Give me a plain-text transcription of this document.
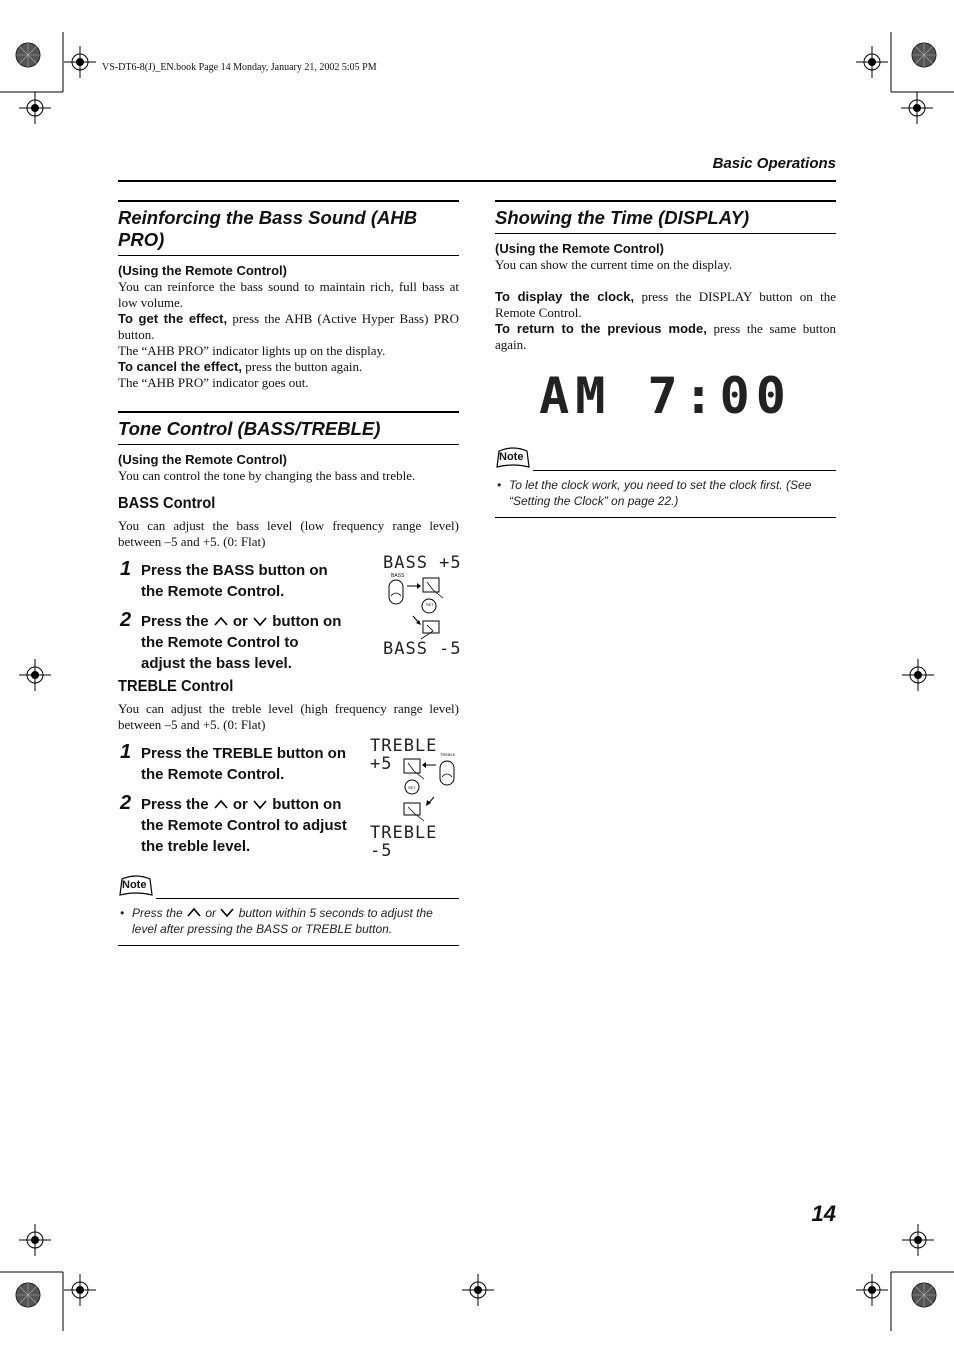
VS-DT6-8(J)_EN.book Page 14 Monday, January 21, 2002 5:05 PM
Basic Operations
Reinforcing the Bass Sound (AHB PRO)
(Using the Remote Control)
You can reinforce the bass sound to maintain rich, full bass at low volume.
To get the effect, press the AHB (Active Hyper Bass) PRO button.
The “AHB PRO” indicator lights up on the display.
To cancel the effect, press the button again.
The “AHB PRO” indicator goes out.
Tone Control (BASS/TREBLE)
(Using the Remote Control)
You can control the tone by changing the bass and treble.
BASS Control
You can adjust the bass level (low frequency range level) between –5 and +5. (0: Flat)
1 Press the BASS button on the Remote Control.
2 Press the  or  button on the Remote Control to adjust the bass level.
BASS +5
BASS
SET
BASS -5
TREBLE Control
You can adjust the treble level (high frequency range level) between –5 and +5. (0: Flat)
1 Press the TREBLE button on the Remote Control.
2 Press the  or  button on the Remote Control to adjust the treble level.
TREBLE +5	TREBLE
SET
TREBLE -5
Note
• Press the  or  button within 5 seconds to adjust the level after pressing the BASS or TREBLE button.
Showing the Time (DISPLAY)
(Using the Remote Control)
You can show the current time on the display.
To display the clock, press the DISPLAY button on the Remote Control.
To return to the previous mode, press the same button again.
AM 7:00
Note
• To let the clock work, you need to set the clock first. (See “Setting the Clock” on page 22.)
14
